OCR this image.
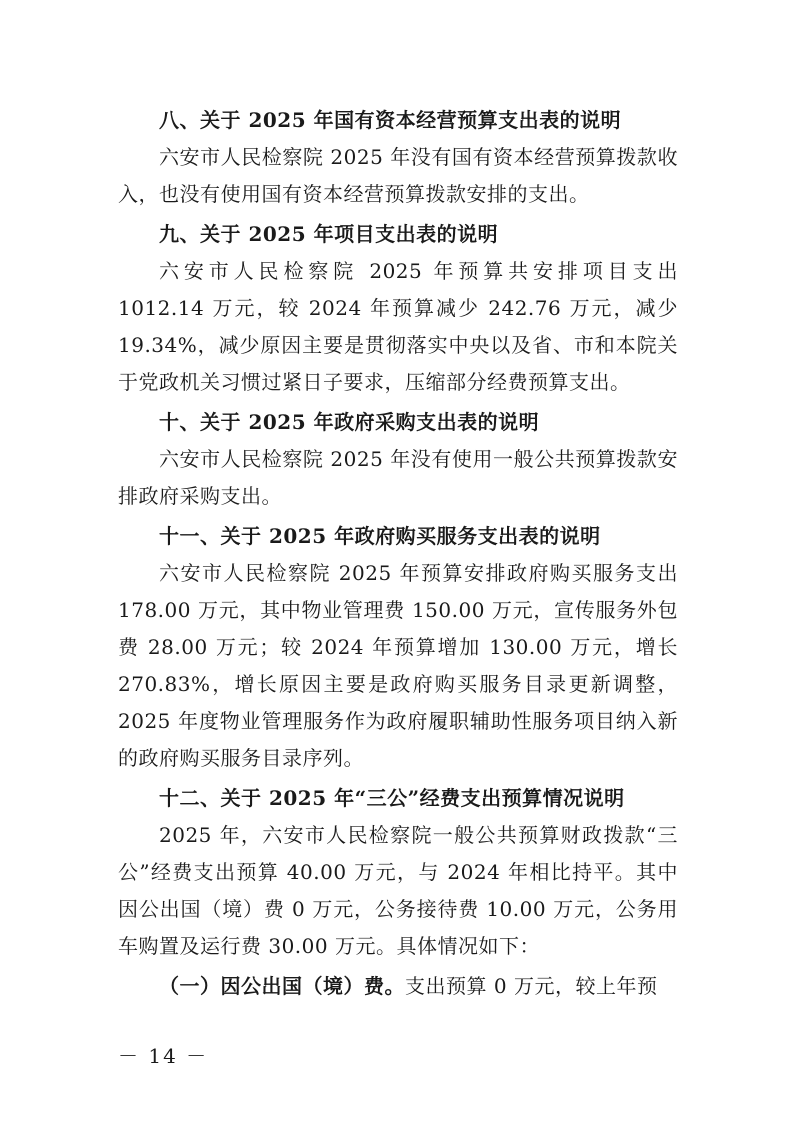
八、关于 2025 年国有资本经营预算支出表的说明

六安市人民检察院 2025 年没有国有资本经营预算拨款收入，也没有使用国有资本经营预算拨款安排的支出。

九、关于 2025 年项目支出表的说明

六安市人民检察院 2025 年预算共安排项目支出 1012.14 万元，较 2024 年预算减少 242.76 万元，减少 19.34%，减少原因主要是贯彻落实中央以及省、市和本院关于党政机关习惯过紧日子要求，压缩部分经费预算支出。

十、关于 2025 年政府采购支出表的说明

六安市人民检察院 2025 年没有使用一般公共预算拨款安排政府采购支出。

十一、关于 2025 年政府购买服务支出表的说明

六安市人民检察院 2025 年预算安排政府购买服务支出 178.00 万元，其中物业管理费 150.00 万元，宣传服务外包费 28.00 万元；较 2024 年预算增加 130.00 万元，增长 270.83%，增长原因主要是政府购买服务目录更新调整，2025 年度物业管理服务作为政府履职辅助性服务项目纳入新的政府购买服务目录序列。

十二、关于 2025 年“三公”经费支出预算情况说明

2025 年，六安市人民检察院一般公共预算财政拨款“三公”经费支出预算 40.00 万元，与 2024 年相比持平。其中因公出国（境）费 0 万元，公务接待费 10.00 万元，公务用车购置及运行费 30.00 万元。具体情况如下：

（一）因公出国（境）费。支出预算 0 万元，较上年预

－ 14 －
